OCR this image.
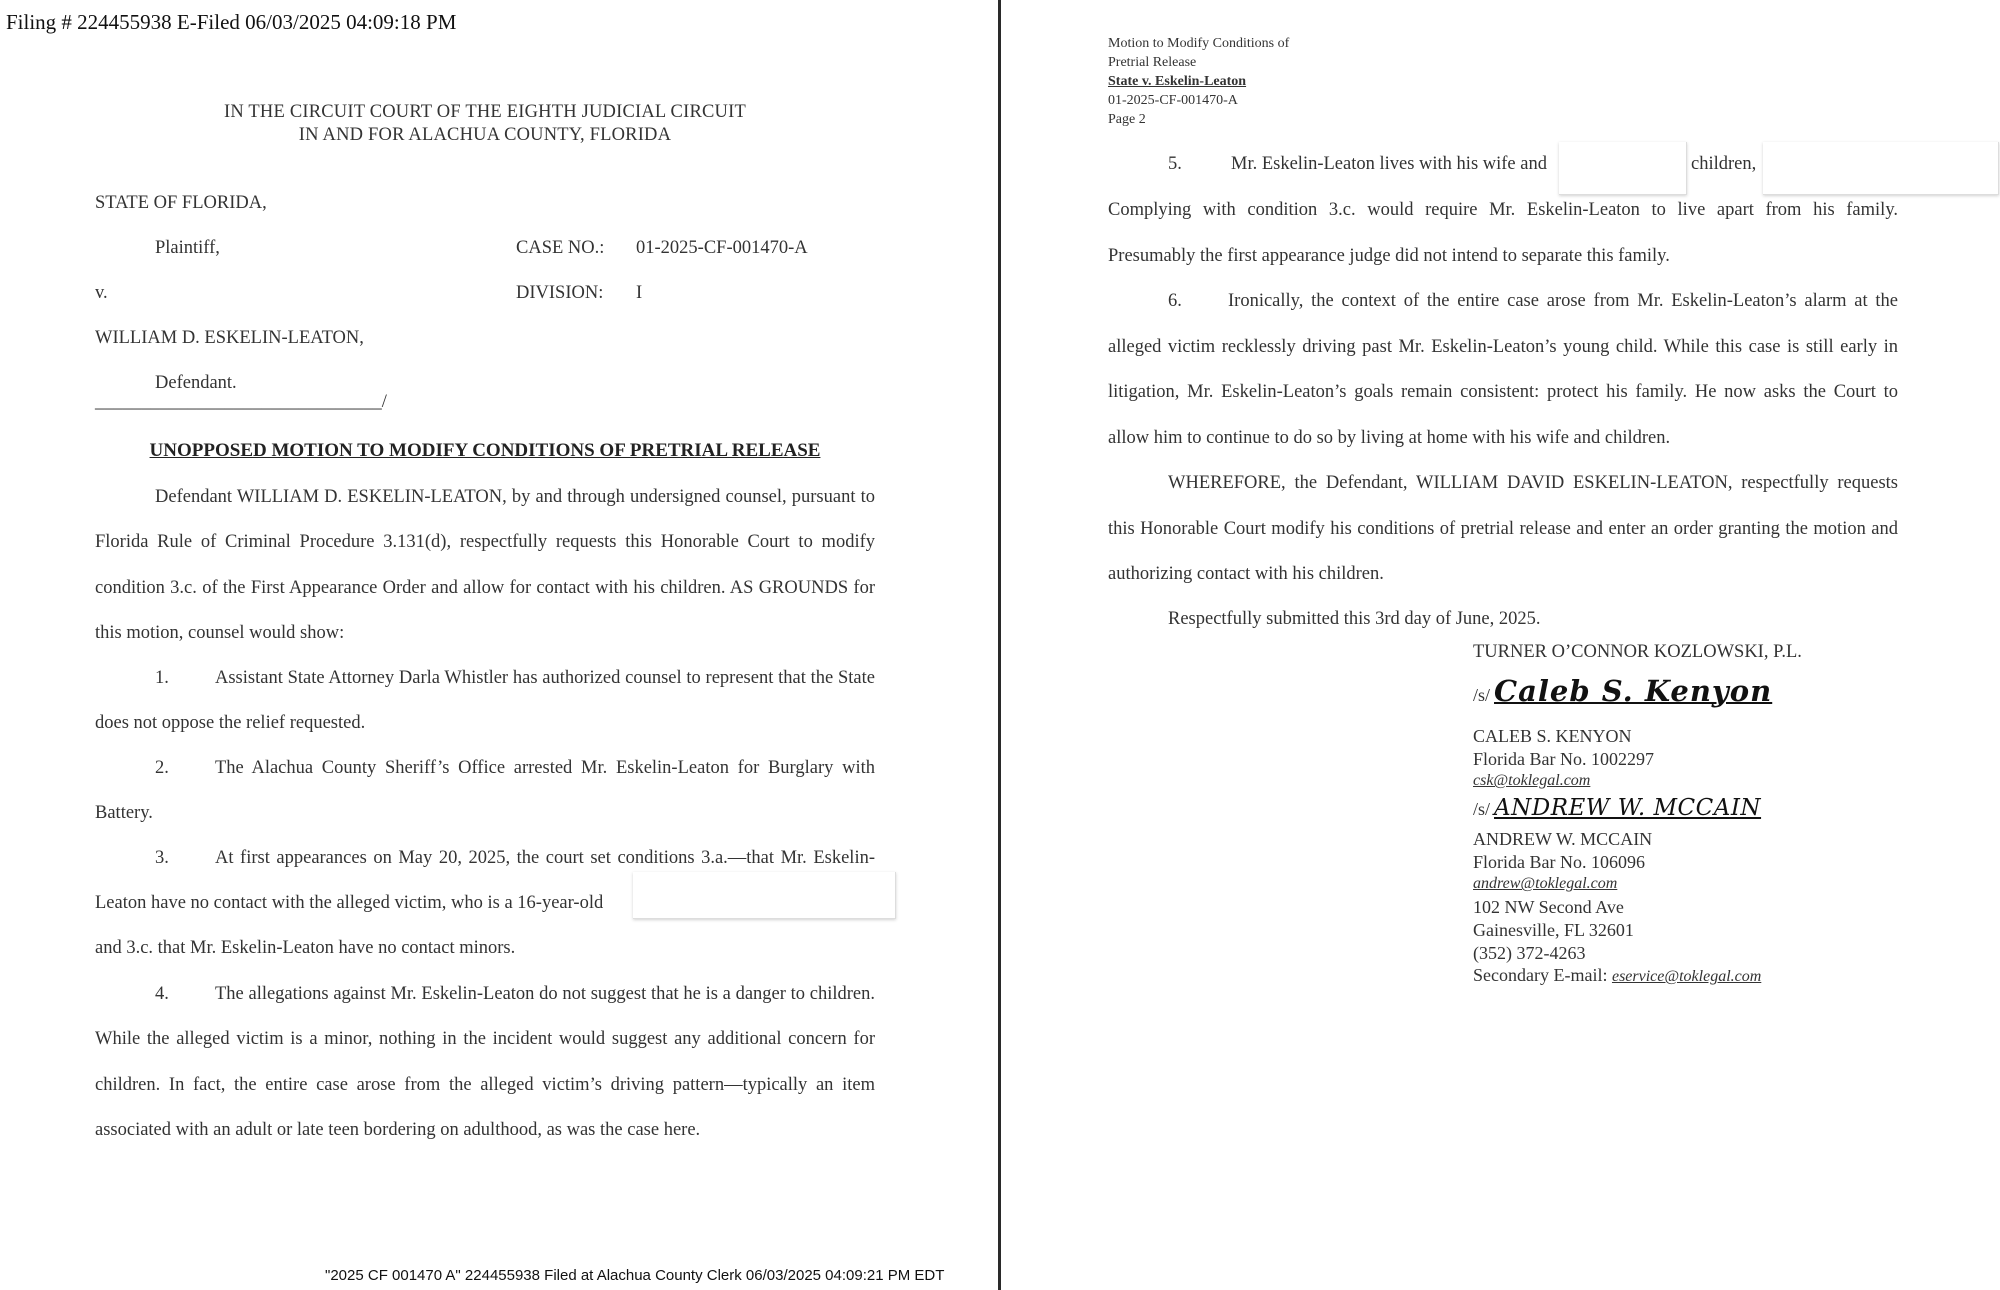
Filing # 224455938 E-Filed 06/03/2025 04:09:18 PM
IN THE CIRCUIT COURT OF THE EIGHTH JUDICIAL CIRCUIT
IN AND FOR ALACHUA COUNTY, FLORIDA
STATE OF FLORIDA,
Plaintiff,	CASE NO.: 01-2025-CF-001470-A
v.	DIVISION: I
WILLIAM D. ESKELIN-LEATON,
Defendant.
_______________________________/
UNOPPOSED MOTION TO MODIFY CONDITIONS OF PRETRIAL RELEASE

Defendant WILLIAM D. ESKELIN-LEATON, by and through undersigned counsel, pursuant to Florida Rule of Criminal Procedure 3.131(d), respectfully requests this Honorable Court to modify condition 3.c. of the First Appearance Order and allow for contact with his children. AS GROUNDS for this motion, counsel would show:

1. Assistant State Attorney Darla Whistler has authorized counsel to represent that the State does not oppose the relief requested.

2. The Alachua County Sheriff’s Office arrested Mr. Eskelin-Leaton for Burglary with Battery.

3. At first appearances on May 20, 2025, the court set conditions 3.a.—that Mr. Eskelin-Leaton have no contact with the alleged victim, who is a 16-year-old

and 3.c. that Mr. Eskelin-Leaton have no contact minors.

4. The allegations against Mr. Eskelin-Leaton do not suggest that he is a danger to children. While the alleged victim is a minor, nothing in the incident would suggest any additional concern for children. In fact, the entire case arose from the alleged victim’s driving pattern—typically an item associated with an adult or late teen bordering on adulthood, as was the case here.

"2025 CF 001470 A" 224455938 Filed at Alachua County Clerk 06/03/2025 04:09:21 PM EDT
Motion to Modify Conditions of
Pretrial Release
State v. Eskelin-Leaton
01-2025-CF-001470-A
Page 2
5.	Mr. Eskelin-Leaton lives with his wife and	children,

Complying with condition 3.c. would require Mr. Eskelin-Leaton to live apart from his family. Presumably the first appearance judge did not intend to separate this family.

6. Ironically, the context of the entire case arose from Mr. Eskelin-Leaton’s alarm at the alleged victim recklessly driving past Mr. Eskelin-Leaton’s young child. While this case is still early in litigation, Mr. Eskelin-Leaton’s goals remain consistent: protect his family. He now asks the Court to allow him to continue to do so by living at home with his wife and children.

WHEREFORE, the Defendant, WILLIAM DAVID ESKELIN-LEATON, respectfully requests this Honorable Court modify his conditions of pretrial release and enter an order granting the motion and authorizing contact with his children.

Respectfully submitted this 3rd day of June, 2025.
TURNER O’CONNOR KOZLOWSKI, P.L.
/s/ Caleb S. Kenyon
CALEB S. KENYON
Florida Bar No. 1002297
csk@toklegal.com
/s/ ANDREW W. MCCAIN
ANDREW W. MCCAIN
Florida Bar No. 106096
andrew@toklegal.com
102 NW Second Ave
Gainesville, FL 32601
(352) 372-4263
Secondary E-mail: eservice@toklegal.com
